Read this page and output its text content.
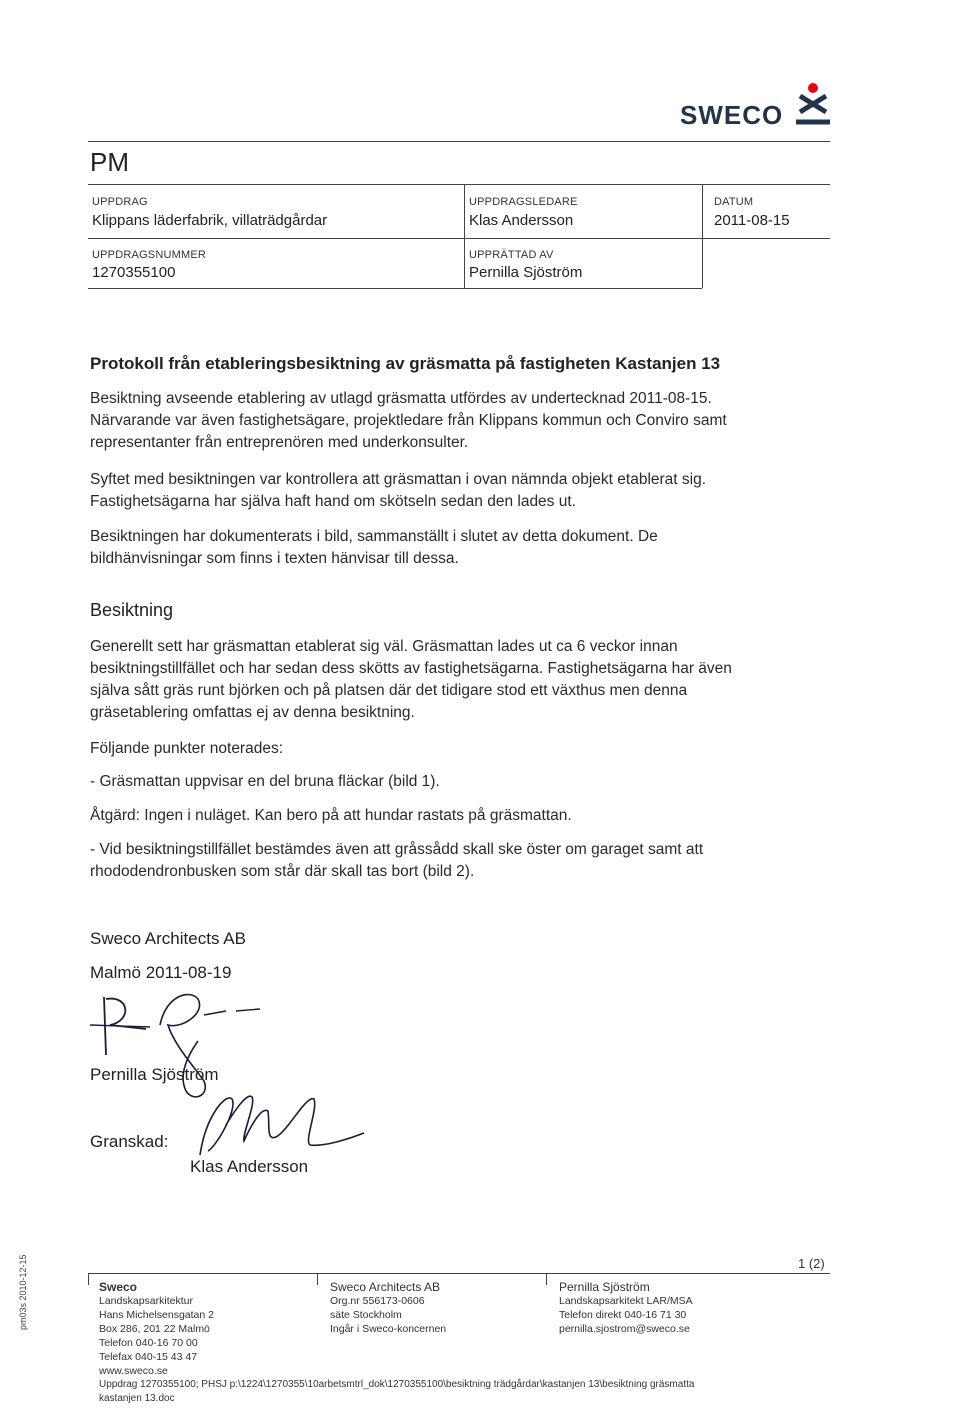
SWECO
PM
UPPDRAG
Klippans läderfabrik, villaträdgårdar
UPPDRAGSLEDARE
Klas Andersson
DATUM
2011-08-15
UPPDRAGSNUMMER
1270355100
UPPRÄTTAD AV
Pernilla Sjöström
Protokoll från etableringsbesiktning av gräsmatta på fastigheten Kastanjen 13
Besiktning avseende etablering av utlagd gräsmatta utfördes av undertecknad 2011-08-15.
Närvarande var även fastighetsägare, projektledare från Klippans kommun och Conviro samt
representanter från entreprenören med underkonsulter.
Syftet med besiktningen var kontrollera att gräsmattan i ovan nämnda objekt etablerat sig.
Fastighetsägarna har själva haft hand om skötseln sedan den lades ut.
Besiktningen har dokumenterats i bild, sammanställt i slutet av detta dokument. De
bildhänvisningar som finns i texten hänvisar till dessa.
Besiktning
Generellt sett har gräsmattan etablerat sig väl. Gräsmattan lades ut ca 6 veckor innan
besiktningstillfället och har sedan dess skötts av fastighetsägarna. Fastighetsägarna har även
själva sått gräs runt björken och på platsen där det tidigare stod ett växthus men denna
gräsetablering omfattas ej av denna besiktning.
Följande punkter noterades:
- Gräsmattan uppvisar en del bruna fläckar (bild 1).
Åtgärd: Ingen i nuläget. Kan bero på att hundar rastats på gräsmattan.
- Vid besiktningstillfället bestämdes även att gråssådd skall ske öster om garaget samt att
rhododendronbusken som står där skall tas bort (bild 2).
Sweco Architects AB
Malmö 2011-08-19
Pernilla Sjöström
Granskad:
Klas Andersson
1 (2)
pm03s 2010-12-15	Sweco
Landskapsarkitektur
Hans Michelsensgatan 2
Box 286, 201 22 Malmö
Telefon 040-16 70 00
Telefax 040-15 43 47
www.sweco.se
Sweco Architects AB
Org.nr 556173-0606
säte Stockholm
Ingår i Sweco-koncernen
Pernilla Sjöström
Landskapsarkitekt LAR/MSA
Telefon direkt 040-16 71 30
pernilla.sjostrom@sweco.se
Uppdrag 1270355100; PHSJ p:\1224\1270355\10arbetsmtrl_dok\1270355100\besiktning trädgårdar\kastanjen 13\besiktning gräsmatta
kastanjen 13.doc
